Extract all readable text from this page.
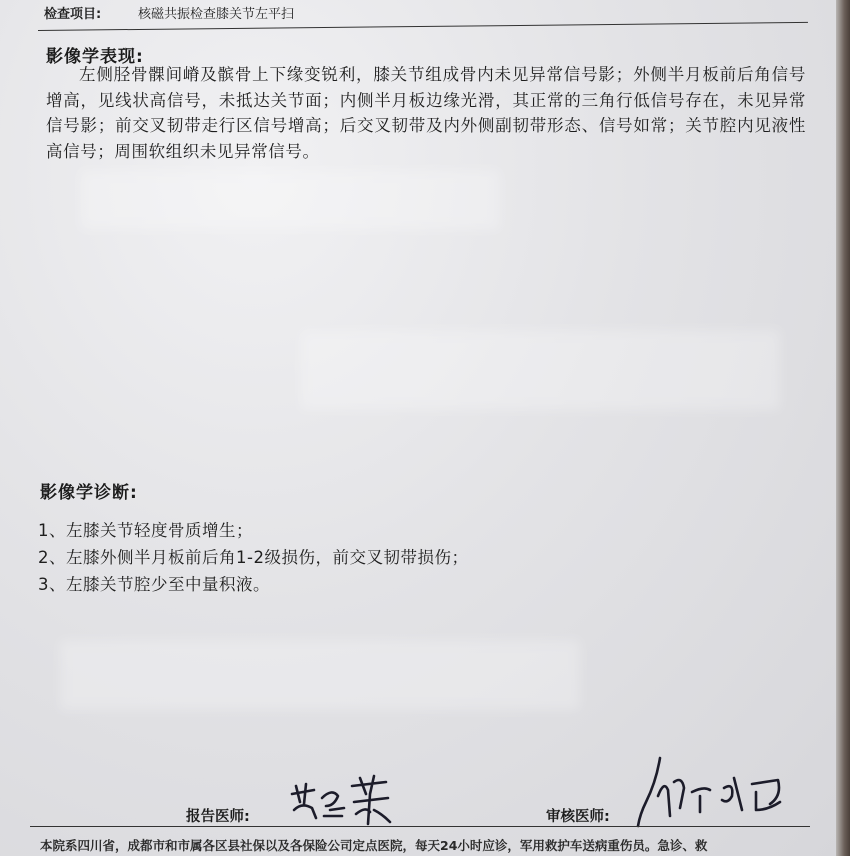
检查项目:	核磁共振检查膝关节左平扫
影像学表现:
左侧胫骨髁间嵴及髌骨上下缘变锐利，膝关节组成骨内未见异常信号影；外侧半月板前后角信号增高，见线状高信号，未抵达关节面；内侧半月板边缘光滑，其正常的三角行低信号存在，未见异常信号影；前交叉韧带走行区信号增高；后交叉韧带及内外侧副韧带形态、信号如常；关节腔内见液性高信号；周围软组织未见异常信号。
影像学诊断:
1、左膝关节轻度骨质增生；
2、左膝外侧半月板前后角1-2级损伤，前交叉韧带损伤；
3、左膝关节腔少至中量积液。
报告医师:	审核医师:
本院系四川省，成都市和市属各区县社保以及各保险公司定点医院，每天24小时应诊，军用救护车送病重伤员。急诊、救
